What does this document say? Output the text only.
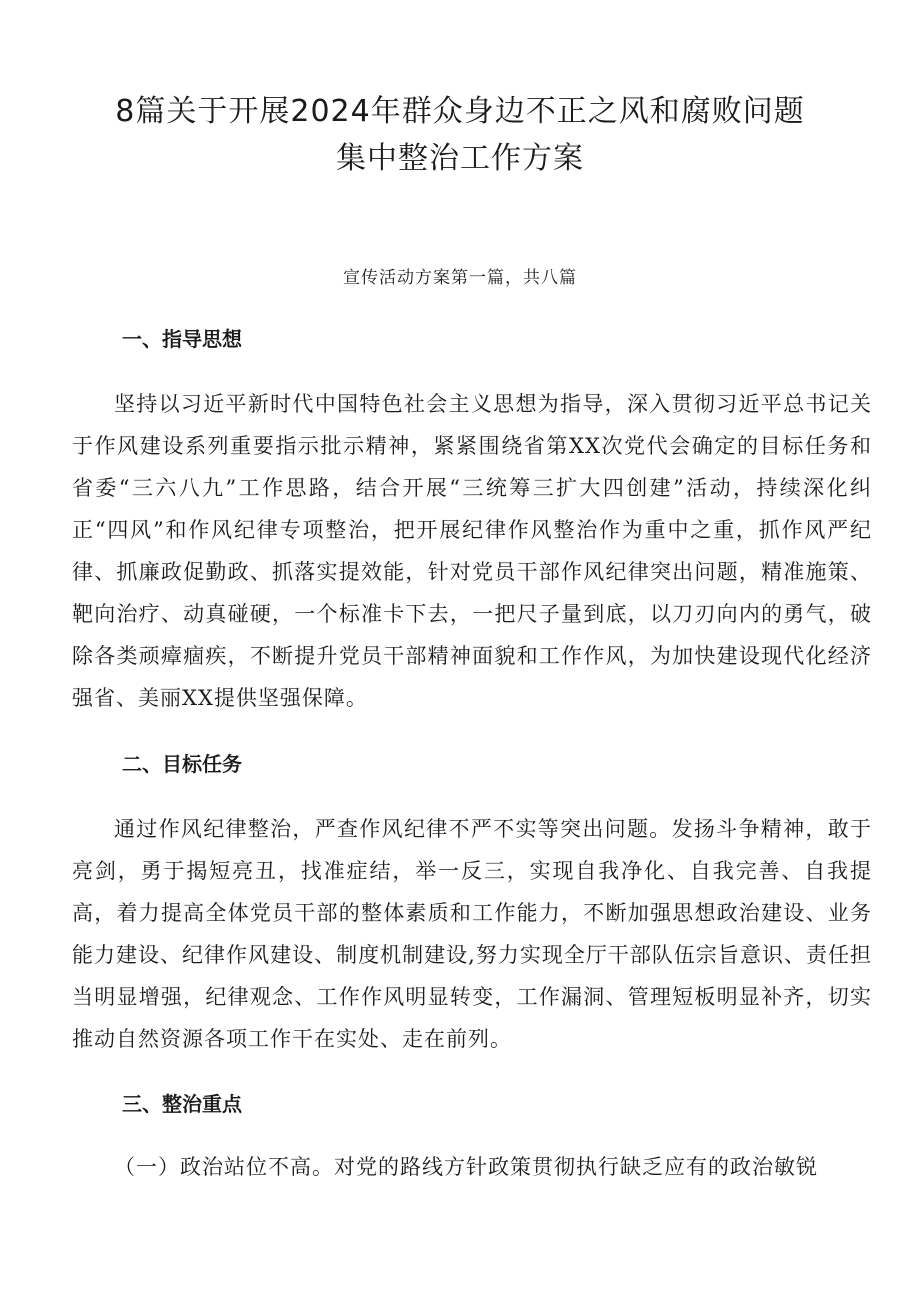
8篇关于开展2024年群众身边不正之风和腐败问题
集中整治工作方案
宣传活动方案第一篇，共八篇
一、指导思想

坚持以习近平新时代中国特色社会主义思想为指导，深入贯彻习近平总书记关于作风建设系列重要指示批示精神，紧紧围绕省第XX次党代会确定的目标任务和省委“三六八九”工作思路，结合开展“三统筹三扩大四创建”活动，持续深化纠正“四风”和作风纪律专项整治，把开展纪律作风整治作为重中之重，抓作风严纪律、抓廉政促勤政、抓落实提效能，针对党员干部作风纪律突出问题，精准施策、靶向治疗、动真碰硬，一个标准卡下去，一把尺子量到底，以刀刃向内的勇气，破除各类顽瘴痼疾，不断提升党员干部精神面貌和工作作风，为加快建设现代化经济强省、美丽XX提供坚强保障。

二、目标任务

通过作风纪律整治，严查作风纪律不严不实等突出问题。发扬斗争精神，敢于亮剑，勇于揭短亮丑，找准症结，举一反三，实现自我净化、自我完善、自我提高，着力提高全体党员干部的整体素质和工作能力，不断加强思想政治建设、业务能力建设、纪律作风建设、制度机制建设,努力实现全厅干部队伍宗旨意识、责任担当明显增强，纪律观念、工作作风明显转变，工作漏洞、管理短板明显补齐，切实推动自然资源各项工作干在实处、走在前列。

三、整治重点

（一）政治站位不高。对党的路线方针政策贯彻执行缺乏应有的政治敏锐
